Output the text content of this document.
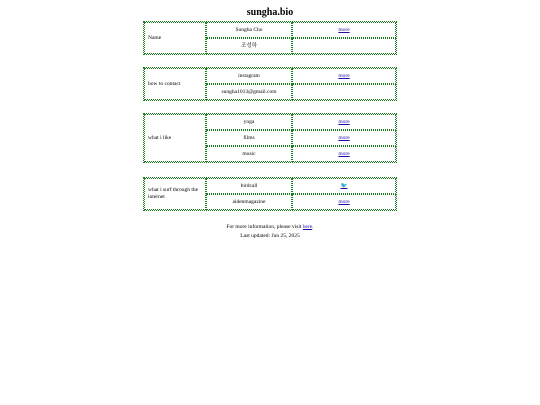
sungha.bio
Name	Sungha Cho	more
	조성하	
how to contact	instagram	more
	sungha1013@gmail.com	
what i like	yoga	more
	films	more
	music	more
what i surf through the internet	birdcall	🐦
	aidenmagazine	more
For more information, please visit here.
Last updated: Jun 25, 2025
